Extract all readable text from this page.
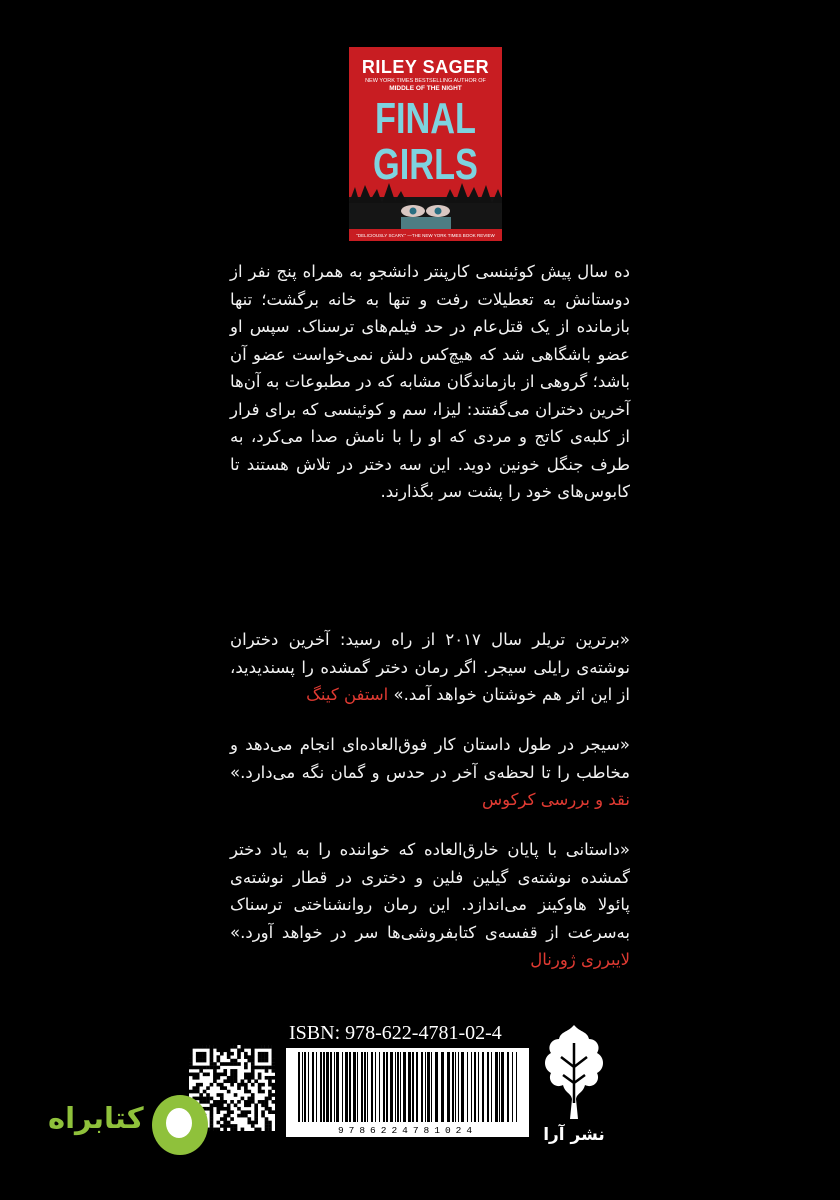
RILEY SAGER
NEW YORK TIMES BESTSELLING AUTHOR OF
MIDDLE OF THE NIGHT
FINAL
GIRLS
"DELICIOUSLY SCARY." —THE NEW YORK TIMES BOOK REVIEW

ده سال پیش کوئینسی کارپنتر دانشجو به همراه پنج نفر از دوستانش به تعطیلات رفت و تنها به خانه برگشت؛ تنها بازمانده از یک قتل‌عام در حد فیلم‌های ترسناک. سپس او عضو باشگاهی شد که هیچ‌کس دلش نمی‌خواست عضو آن باشد؛ گروهی از بازماندگان مشابه که در مطبوعات به آن‌ها آخرین دختران می‌گفتند: لیزا، سم و کوئینسی که برای فرار از کلبه‌ی کاتج و مردی که او را با نامش صدا می‌کرد، به طرف جنگل خونین دوید. این سه دختر در تلاش هستند تا کابوس‌های خود را پشت سر بگذارند.

«برترین تریلر سال ۲۰۱۷ از راه رسید: آخرین دختران نوشته‌ی رایلی سیجر. اگر رمان دختر گمشده را پسندیدید، از این اثر هم خوشتان خواهد آمد.» استفن کینگ

«سیجر در طول داستان کار فوق‌العاده‌ای انجام می‌دهد و مخاطب را تا لحظه‌ی آخر در حدس و گمان نگه می‌دارد.» نقد و بررسی کرکوس

«داستانی با پایان خارق‌العاده که خواننده را به یاد دختر گمشده نوشته‌ی گیلین فلین و دختری در قطار نوشته‌ی پائولا هاوکینز می‌اندازد. این رمان روانشناختی ترسناک به‌سرعت از قفسه‌ی کتابفروشی‌ها سر در خواهد آورد.» لایبرری ژورنال

ISBN: 978-622-4781-02-4
9786224781024
کتابراه	نشر آرا
